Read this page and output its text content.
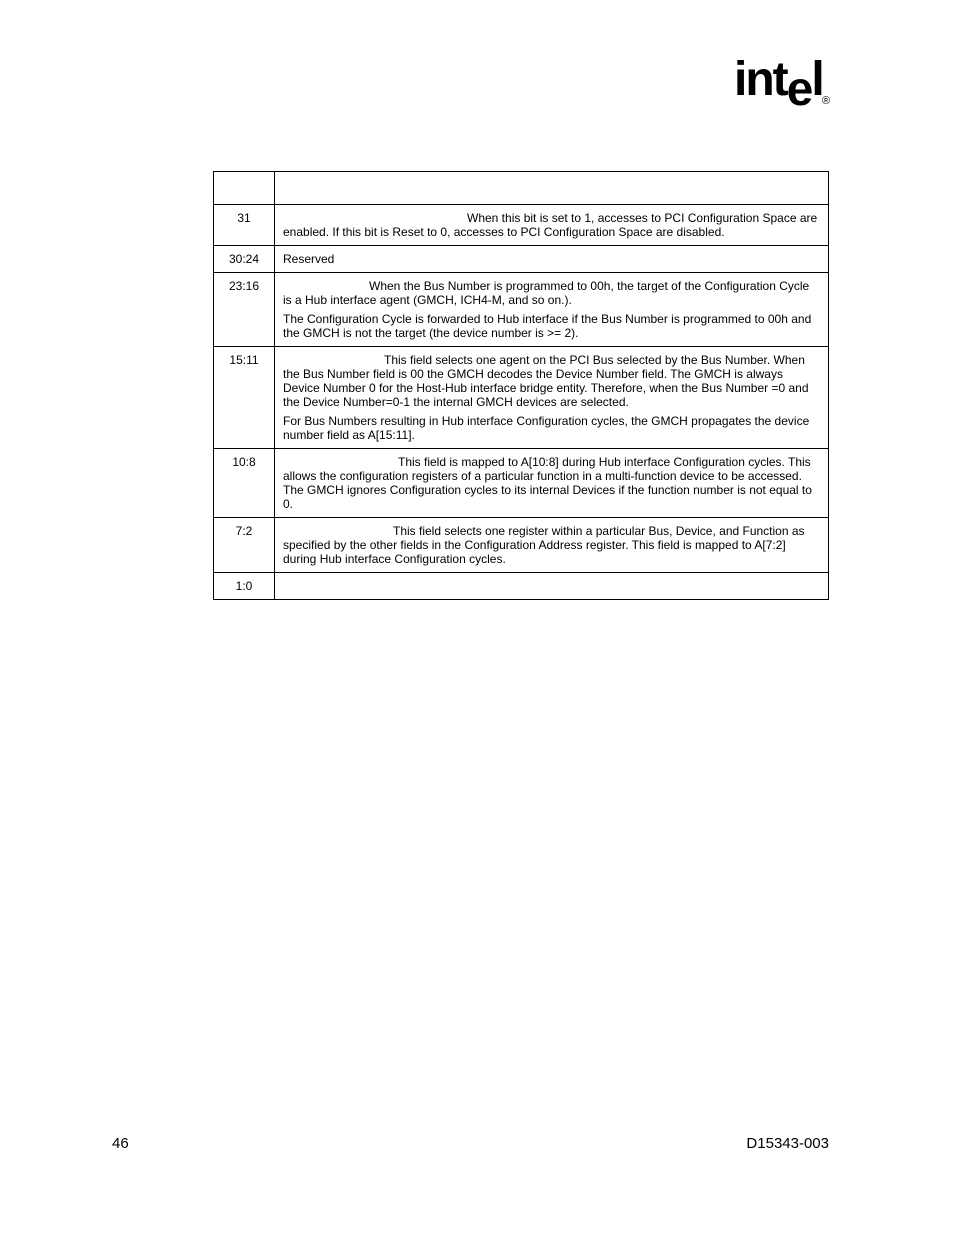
intel ®

31	When this bit is set to 1, accesses to PCI Configuration Space are enabled. If this bit is Reset to 0, accesses to PCI Configuration Space are disabled.

30:24	Reserved

23:16	When the Bus Number is programmed to 00h, the target of the Configuration Cycle is a Hub interface agent (GMCH, ICH4-M, and so on.).

The Configuration Cycle is forwarded to Hub interface if the Bus Number is programmed to 00h and the GMCH is not the target (the device number is >= 2).

15:11	This field selects one agent on the PCI Bus selected by the Bus Number. When the Bus Number field is 00 the GMCH decodes the Device Number field. The GMCH is always Device Number 0 for the Host-Hub interface bridge entity. Therefore, when the Bus Number =0 and the Device Number=0-1 the internal GMCH devices are selected.

For Bus Numbers resulting in Hub interface Configuration cycles, the GMCH propagates the device number field as A[15:11].

10:8	This field is mapped to A[10:8] during Hub interface Configuration cycles. This allows the configuration registers of a particular function in a multi-function device to be accessed. The GMCH ignores Configuration cycles to its internal Devices if the function number is not equal to 0.

7:2	This field selects one register within a particular Bus, Device, and Function as specified by the other fields in the Configuration Address register. This field is mapped to A[7:2] during Hub interface Configuration cycles.

1:0	

46	D15343-003
